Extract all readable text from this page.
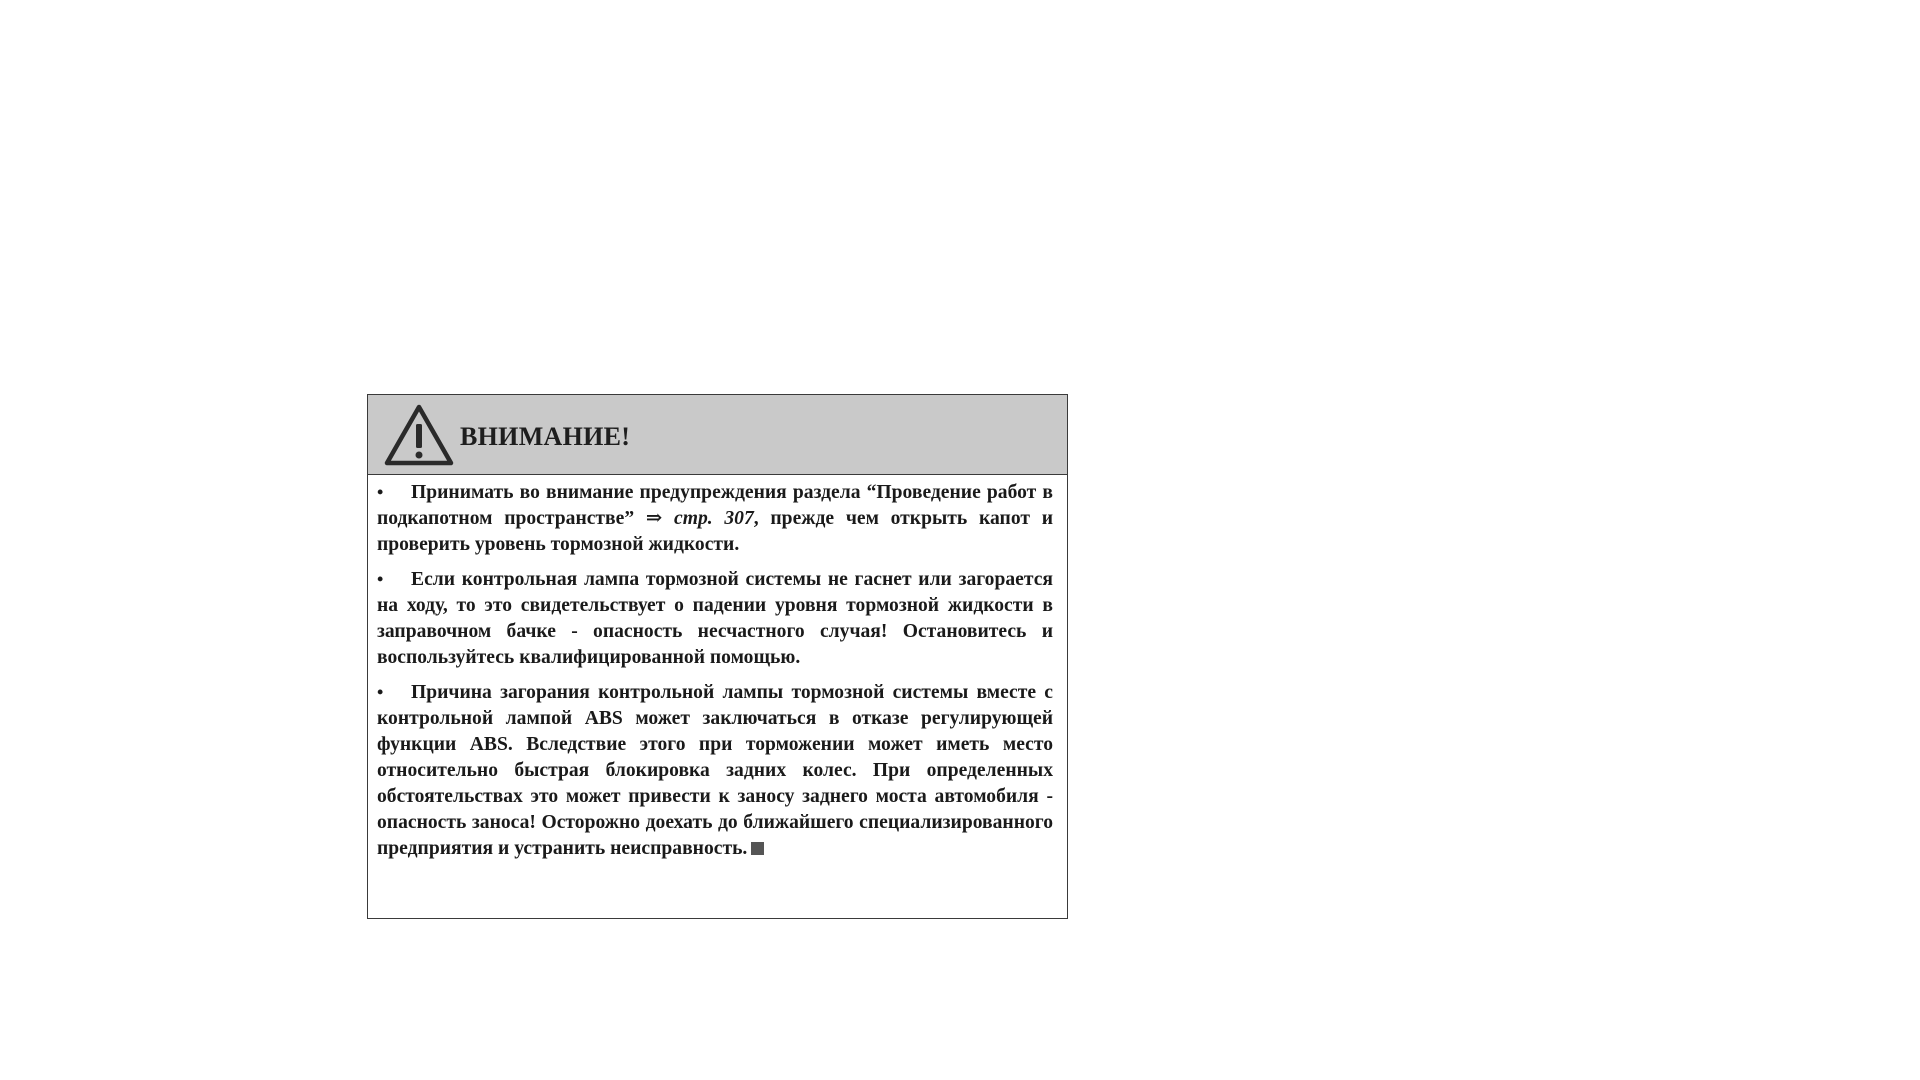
ВНИМАНИЕ!

• Принимать во внимание предупреждения раздела “Проведение работ в подкапотном пространстве” ⇒ стр. 307, прежде чем открыть капот и проверить уровень тормозной жидкости.

• Если контрольная лампа тормозной системы не гаснет или загорается на ходу, то это свидетельствует о падении уровня тормозной жидкости в заправочном бачке - опасность несчастного случая! Остановитесь и воспользуйтесь квалифицированной помощью.

• Причина загорания контрольной лампы тормозной системы вместе с контрольной лампой ABS может заключаться в отказе регулирующей функции ABS. Вследствие этого при торможении может иметь место относительно быстрая блокировка задних колес. При определенных обстоятельствах это может привести к заносу заднего моста автомобиля - опасность заноса! Осторожно доехать до ближайшего специализированного предприятия и устранить неисправность.
